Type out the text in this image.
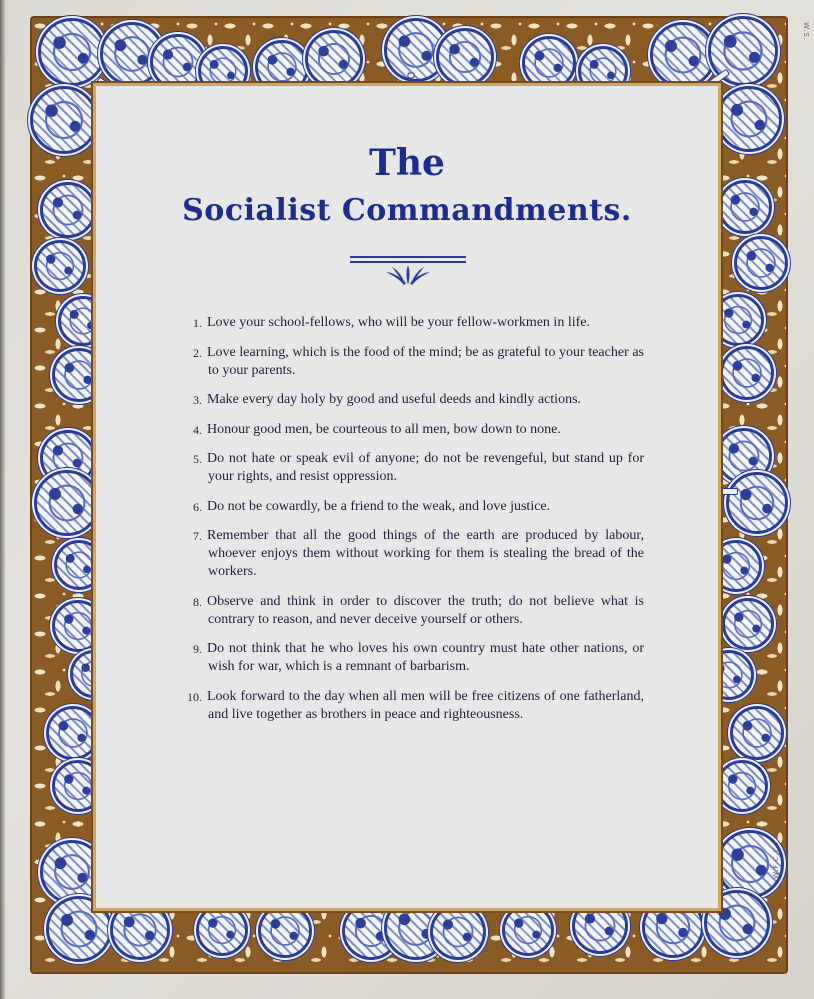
W.S.
The
Socialist Commandments.
1. Love your school-fellows, who will be your fellow-workmen in life.
2. Love learning, which is the food of the mind; be as grateful to your teacher as to your parents.
3. Make every day holy by good and useful deeds and kindly actions.
4. Honour good men, be courteous to all men, bow down to none.
5. Do not hate or speak evil of anyone; do not be revengeful, but stand up for your rights, and resist oppression.
6. Do not be cowardly, be a friend to the weak, and love justice.
7. Remember that all the good things of the earth are produced by labour, whoever enjoys them without working for them is stealing the bread of the workers.
8. Observe and think in order to discover the truth; do not believe what is contrary to reason, and never deceive yourself or others.
9. Do not think that he who loves his own country must hate other nations, or wish for war, which is a remnant of barbarism.
10. Look forward to the day when all men will be free citizens of one fatherland, and live together as brothers in peace and righteousness.
W.F.C.Co.
